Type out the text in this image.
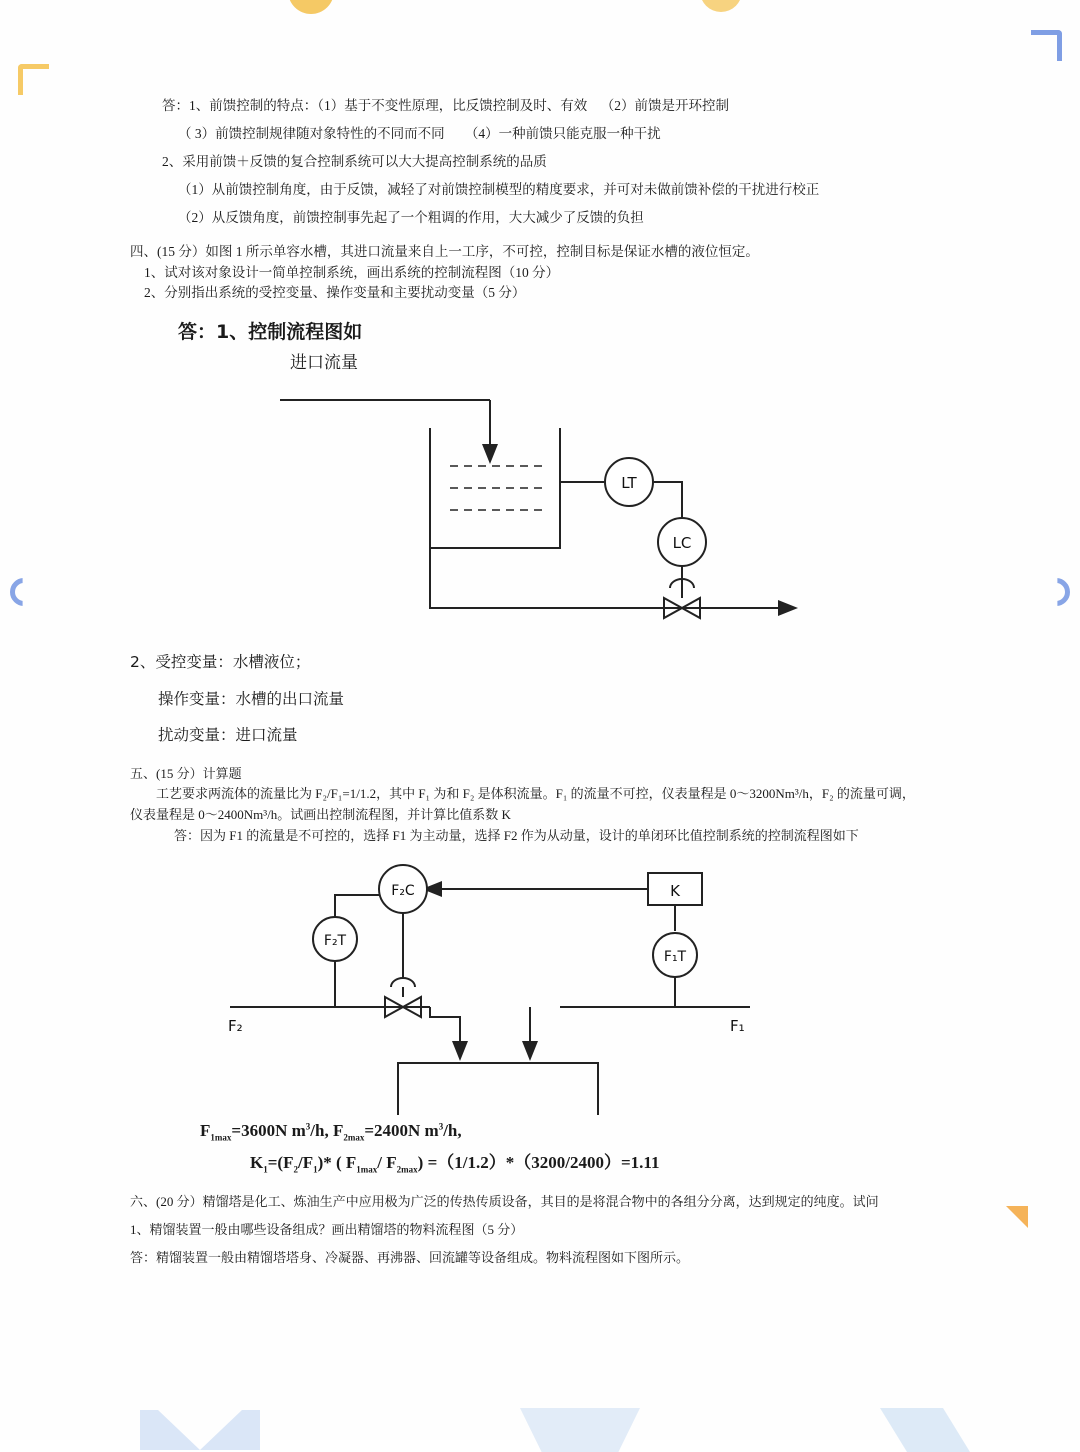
答：1、前馈控制的特点：（1）基于不变性原理，比反馈控制及时、有效    （2）前馈是开环控制
（ 3）前馈控制规律随对象特性的不同而不同      （4）一种前馈只能克服一种干扰
2、采用前馈＋反馈的复合控制系统可以大大提高控制系统的品质
（1）从前馈控制角度，由于反馈，减轻了对前馈控制模型的精度要求，并可对未做前馈补偿的干扰进行校正
（2）从反馈角度，前馈控制事先起了一个粗调的作用，大大减少了反馈的负担
四、(15 分）如图 1 所示单容水槽，其进口流量来自上一工序，不可控，控制目标是保证水槽的液位恒定。
1、试对该对象设计一简单控制系统，画出系统的控制流程图（10 分）
2、分别指出系统的受控变量、操作变量和主要扰动变量（5 分）
答：1、控制流程图如
进口流量
LT
LC
2、受控变量：水槽液位；
操作变量：水槽的出口流量
扰动变量：进口流量
五、(15 分）计算题
工艺要求两流体的流量比为 F₂/F₁=1/1.2，其中 F₁ 为和 F₂ 是体积流量。F₁ 的流量不可控，仪表量程是 0～3200Nm³/h，F₂ 的流量可调，
仪表量程是 0～2400Nm³/h。试画出控制流程图，并计算比值系数 K
答：因为 F1 的流量是不可控的，选择 F1 为主动量，选择 F2 作为从动量，设计的单闭环比值控制系统的控制流程图如下
F₂C
F₂T
F₁T
K
F₂	F₁
$F_{1max}=3600N$ $m^3/h$, $F_{2max}=2400N$ $m^3/h$,
$K_1=(F_2/F_1)*$ ( $F_{1max}/$ $F_{2max}) =(1/1.2)*(3200/2400)=1.11$
六、(20 分）精馏塔是化工、炼油生产中应用极为广泛的传热传质设备，其目的是将混合物中的各组分分离，达到规定的纯度。试问
1、精馏装置一般由哪些设备组成？画出精馏塔的物料流程图（5 分）
答：精馏装置一般由精馏塔塔身、冷凝器、再沸器、回流罐等设备组成。物料流程图如下图所示。
